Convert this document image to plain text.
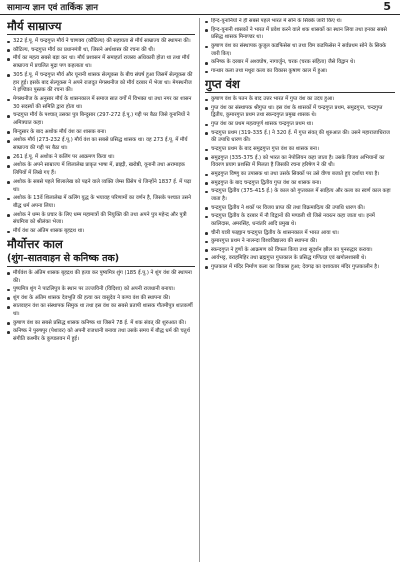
सामान्य ज्ञान एवं तार्किक ज्ञान	5
मौर्य साम्राज्य
322 ई.पू. में चन्द्रगुप्त मौर्य ने चाणक्य (कौटिल्य) की सहायता से मौर्य साम्राज्य की स्थापना की।
कौटिल्य, चन्द्रगुप्त मौर्य का प्रधानमंत्री था, जिसने अर्थशास्त्र की रचना की थी।
मौर्य का महत्व सबसे बड़ा कर था। मौर्य प्रशासन में समाहर्ता राजस्व अधिकारी होता था तथा मौर्य साम्राज्य में प्रचलित मुद्रा पण कहलाता था।
305 ई.पू. में चन्द्रगुप्त मौर्य और यूनानी शासक सेल्यूकस के बीच संघर्ष हुआ जिसमें सेल्यूकस की हार हुई। इसके बाद सेल्यूकस ने अपने राजदूत मेगस्थनीज को मौर्य दरबार में भेजा था। मेगस्थनीज ने इण्डिका पुस्तक की रचना की।
मेगस्थनीज के अनुसार मौर्य के शासनकाल में समाज सात वर्गों में विभक्त था तथा नगर का शासन 30 सदस्यों की समिति द्वारा होता था।
चन्द्रगुप्त मौर्य के पश्चात् उसका पुत्र बिन्दुसार (297-272 ई.पू.) गद्दी पर बैठा जिसे यूनानियों ने अमित्रघात कहा।
बिन्दुसार के बाद अशोक मौर्य वंश का शासक बना।
अशोक मौर्य (273-232 ई.पू.) मौर्य वंश का सबसे प्रसिद्ध शासक था। वह 273 ई.पू. में मौर्य साम्राज्य की गद्दी पर बैठा था।
261 ई.पू. में अशोक ने कलिंग पर आक्रमण किया था।
अशोक के अपने साम्राज्य में शिलालेख प्राकृत भाषा में, ब्राह्मी, खरोष्ठी, यूनानी तथा अरामाइक लिपियों में लिखे गए हैं।
अशोक के सबसे पहले शिलालेख को पढ़ने वाले व्यक्ति जेम्स प्रिंसेप थे जिन्होंने 1837 ई. में पढ़ा था।
अशोक के 13वें शिलालेख में कलिंग युद्ध के भयावह परिणामों का वर्णन है, जिसके पश्चात उसने बौद्ध धर्म अपना लिया।
अशोक ने धम्म के प्रचार के लिए धम्म महामात्रों की नियुक्ति की तथा अपने पुत्र महेन्द्र और पुत्री संघमित्रा को श्रीलंका भेजा।
मौर्य वंश का अंतिम शासक बृहद्रथ था।
मौर्योत्तर काल
(शुंग–सातवाहन से कनिष्क तक)
मौर्यवंश के अंतिम शासक बृहद्रथ की हत्या कर पुष्यमित्र शुंग (185 ई.पू.) ने शुंग वंश की स्थापना की।
पुष्यमित्र शुंग ने पाटलिपुत्र के स्थान पर उज्जयिनी (विदिशा) को अपनी राजधानी बनाया।
शुंग वंश के अंतिम शासक देवभूति की हत्या कर वासुदेव ने कण्व वंश की स्थापना की।
सातवाहन वंश का संस्थापक सिमुक था तथा इस वंश का सबसे प्रतापी शासक गौतमीपुत्र शातकर्णी था।
कुषाण वंश का सबसे प्रसिद्ध शासक कनिष्क था जिसने 78 ई. में शक संवत् की शुरुआत की।
कनिष्क ने पुरुषपुर (पेशावर) को अपनी राजधानी बनाया तथा उसके समय में बौद्ध धर्म की चतुर्थ संगीति कश्मीर के कुण्डलवन में हुई।
हिन्द-यूनानियों ने ही सबसे पहले भारत में सोने के सिक्के जारी किए थे।
हिन्द-यूनानी शासकों ने भारत में प्रवेश करने वाले शक शासकों का स्थान लिया तथा इनका सबसे प्रसिद्ध शासक मिनाण्डर था।
कुषाण वंश का संस्थापक कुजुल कडफिसेस था तथा विम कडफिसेस ने सर्वप्रथम सोने के सिक्के जारी किए।
कनिष्क के दरबार में अश्वघोष, नागार्जुन, चरक (चरक संहिता) जैसे विद्वान थे।
गान्धार कला तथा मथुरा कला का विकास कुषाण काल में हुआ।
गुप्त वंश
कुषाण वंश के पतन के बाद उत्तर भारत में गुप्त वंश का उदय हुआ।
गुप्त वंश का संस्थापक श्रीगुप्त था। इस वंश के शासकों में चन्द्रगुप्त प्रथम, समुद्रगुप्त, चन्द्रगुप्त द्वितीय, कुमारगुप्त प्रथम तथा स्कन्दगुप्त प्रमुख शासक थे।
गुप्त वंश का प्रथम महत्वपूर्ण शासक चन्द्रगुप्त प्रथम था।
चन्द्रगुप्त प्रथम (319-335 ई.) ने 320 ई. में गुप्त संवत् की शुरुआत की। उसने महाराजाधिराज की उपाधि धारण की।
चन्द्रगुप्त प्रथम के बाद समुद्रगुप्त गुप्त वंश का शासक बना।
समुद्रगुप्त (335-375 ई.) को भारत का नेपोलियन कहा जाता है। उसके विजय अभियानों का विवरण प्रयाग प्रशस्ति में मिलता है जिसकी रचना हरिषेण ने की थी।
समुद्रगुप्त विष्णु का उपासक था तथा उसके सिक्कों पर उसे वीणा बजाते हुए दर्शाया गया है।
समुद्रगुप्त के बाद चन्द्रगुप्त द्वितीय गुप्त वंश का शासक बना।
चन्द्रगुप्त द्वितीय (375-415 ई.) के काल को गुप्तकाल में साहित्य और कला का स्वर्ण काल कहा जाता है।
चन्द्रगुप्त द्वितीय ने शकों पर विजय प्राप्त की तथा विक्रमादित्य की उपाधि धारण की।
चन्द्रगुप्त द्वितीय के दरबार में नौ विद्वानों की मण्डली थी जिसे नवरत्न कहा जाता था। इनमें कालिदास, अमरसिंह, धन्वंतरि आदि प्रमुख थे।
चीनी यात्री फाह्यान चन्द्रगुप्त द्वितीय के शासनकाल में भारत आया था।
कुमारगुप्त प्रथम ने नालन्दा विश्वविद्यालय की स्थापना की।
स्कन्दगुप्त ने हूणों के आक्रमण को विफल किया तथा सुदर्शन झील का पुनरुद्धार कराया।
आर्यभट्ट, वराहमिहिर तथा ब्रह्मगुप्त गुप्तकाल के प्रसिद्ध गणितज्ञ एवं खगोलशास्त्री थे।
गुप्तकाल में मंदिर निर्माण कला का विकास हुआ; देवगढ़ का दशावतार मंदिर गुप्तकालीन है।
